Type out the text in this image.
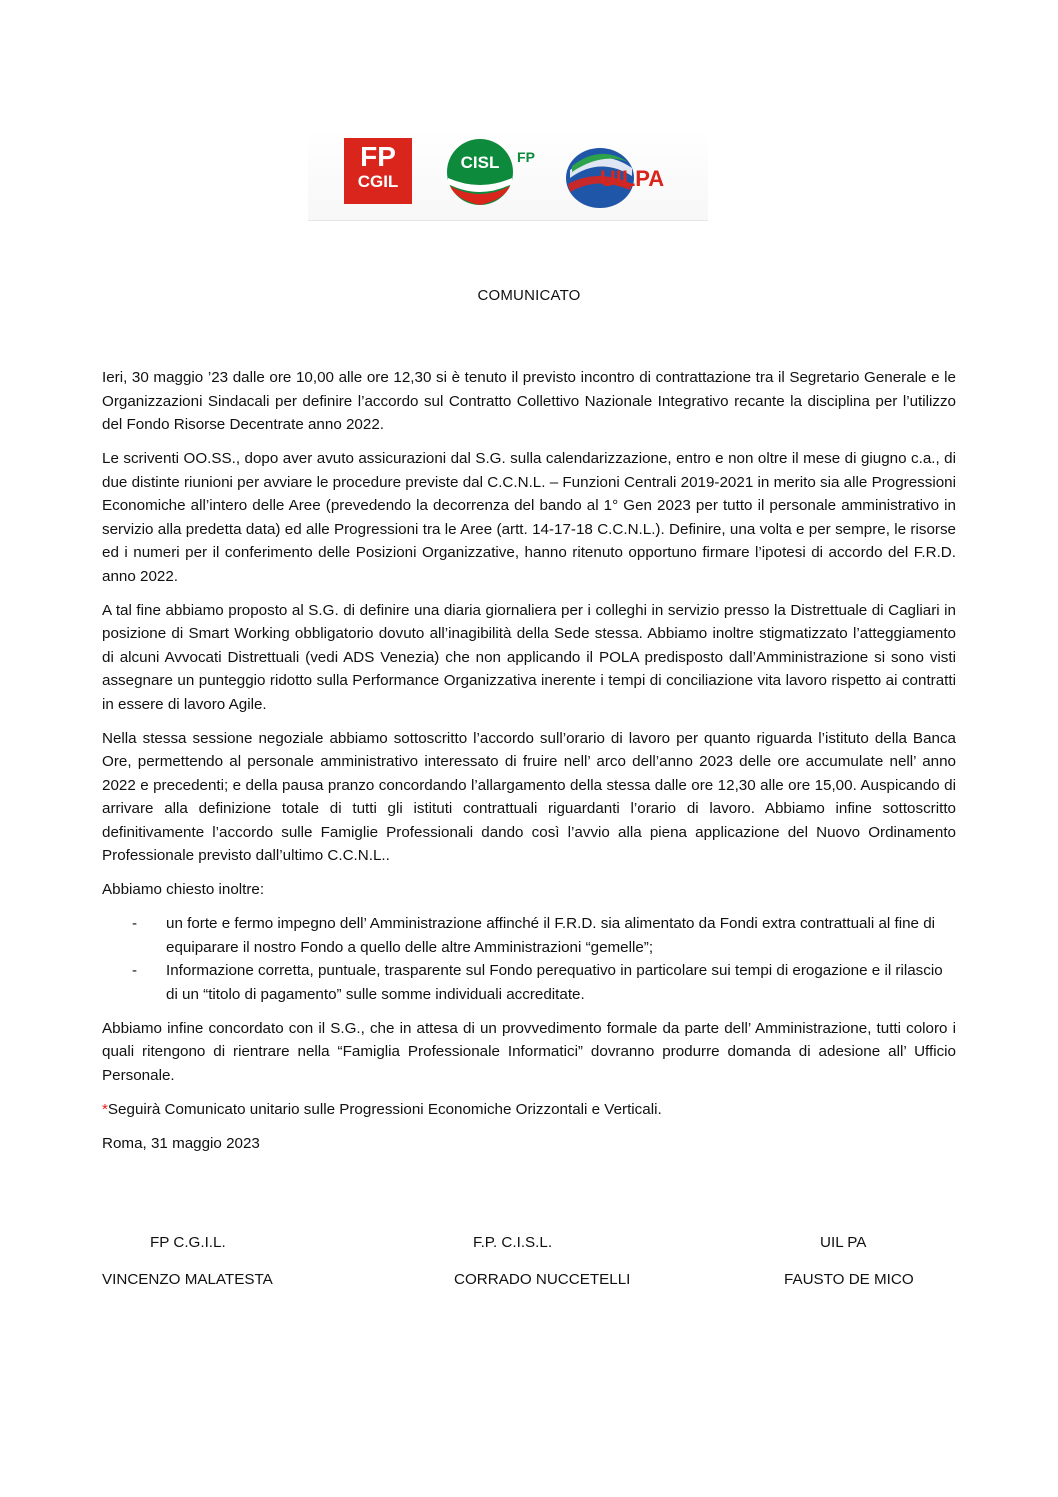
FP
CGIL
CISL FP
UILPA
COMUNICATO

Ieri, 30 maggio ’23 dalle ore 10,00 alle ore 12,30 si è tenuto il previsto incontro di contrattazione tra il Segretario Generale e le Organizzazioni Sindacali per definire l’accordo sul Contratto Collettivo Nazionale Integrativo recante la disciplina per l’utilizzo del Fondo Risorse Decentrate anno 2022.

Le scriventi OO.SS., dopo aver avuto assicurazioni dal S.G. sulla calendarizzazione, entro e non oltre il mese di giugno c.a., di due distinte riunioni per avviare le procedure previste dal C.C.N.L. – Funzioni Centrali 2019-2021 in merito sia alle Progressioni Economiche all’intero delle Aree (prevedendo la decorrenza del bando al 1° Gen 2023 per tutto il personale amministrativo in servizio alla predetta data) ed alle Progressioni tra le Aree (artt. 14-17-18 C.C.N.L.). Definire, una volta e per sempre, le risorse ed i numeri per il conferimento delle Posizioni Organizzative, hanno ritenuto opportuno firmare l’ipotesi di accordo del F.R.D. anno 2022.

A tal fine abbiamo proposto al S.G. di definire una diaria giornaliera per i colleghi in servizio presso la Distrettuale di Cagliari in posizione di Smart Working obbligatorio dovuto all’inagibilità della Sede stessa. Abbiamo inoltre stigmatizzato l’atteggiamento di alcuni Avvocati Distrettuali (vedi ADS Venezia) che non applicando il POLA predisposto dall’Amministrazione si sono visti assegnare un punteggio ridotto sulla Performance Organizzativa inerente i tempi di conciliazione vita lavoro rispetto ai contratti in essere di lavoro Agile.

Nella stessa sessione negoziale abbiamo sottoscritto l’accordo sull’orario di lavoro per quanto riguarda l’istituto della Banca Ore, permettendo al personale amministrativo interessato di fruire nell’ arco dell’anno 2023 delle ore accumulate nell’ anno 2022 e precedenti; e della pausa pranzo concordando l’allargamento della stessa dalle ore 12,30 alle ore 15,00. Auspicando di arrivare alla definizione totale di tutti gli istituti contrattuali riguardanti l’orario di lavoro. Abbiamo infine sottoscritto definitivamente l’accordo sulle Famiglie Professionali dando così l’avvio alla piena applicazione del Nuovo Ordinamento Professionale previsto dall’ultimo C.C.N.L..

Abbiamo chiesto inoltre:

- un forte e fermo impegno dell’ Amministrazione affinché il F.R.D. sia alimentato da Fondi extra contrattuali al fine di equiparare il nostro Fondo a quello delle altre Amministrazioni “gemelle”;
- Informazione corretta, puntuale, trasparente sul Fondo perequativo in particolare sui tempi di erogazione e il rilascio di un “titolo di pagamento” sulle somme individuali accreditate.

Abbiamo infine concordato con il S.G., che in attesa di un provvedimento formale da parte dell’ Amministrazione, tutti coloro i quali ritengono di rientrare nella “Famiglia Professionale Informatici” dovranno produrre domanda di adesione all’ Ufficio Personale.

*Seguirà Comunicato unitario sulle Progressioni Economiche Orizzontali e Verticali.

Roma, 31 maggio 2023

FP C.G.I.L.	F.P. C.I.S.L.	UIL PA
VINCENZO MALATESTA	CORRADO NUCCETELLI	FAUSTO DE MICO
